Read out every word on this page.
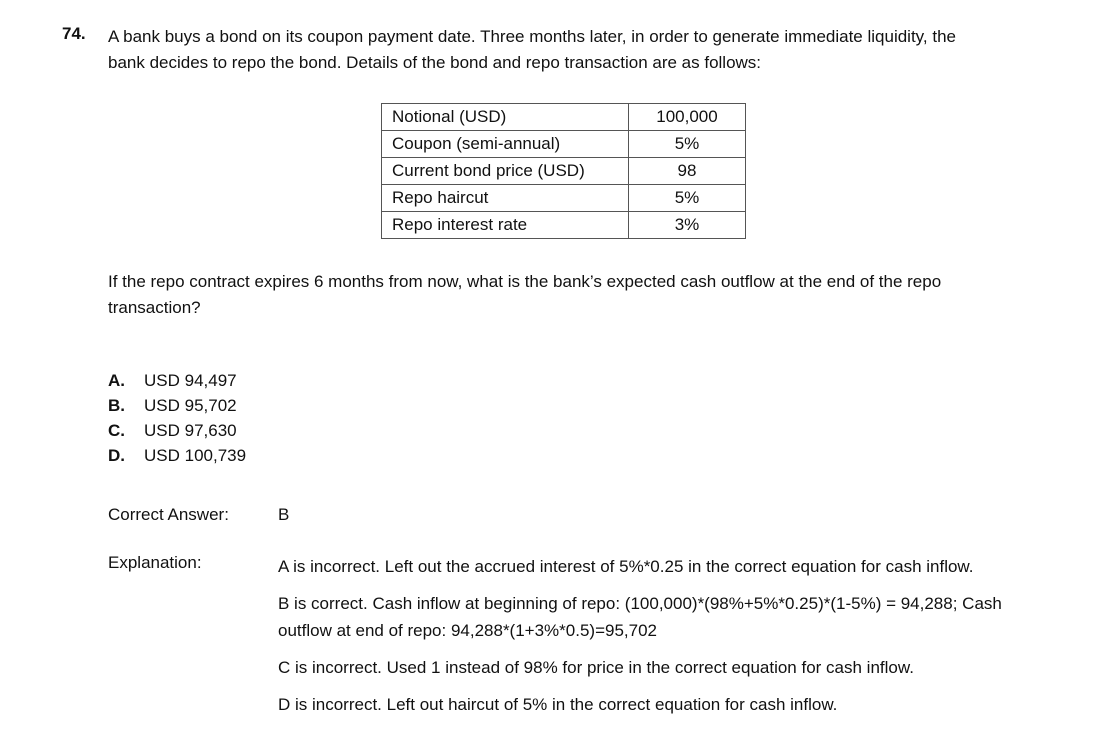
74. A bank buys a bond on its coupon payment date. Three months later, in order to generate immediate liquidity, the bank decides to repo the bond. Details of the bond and repo transaction are as follows:
Notional (USD)	100,000
Coupon (semi-annual)	5%
Current bond price (USD)	98
Repo haircut	5%
Repo interest rate	3%
If the repo contract expires 6 months from now, what is the bank’s expected cash outflow at the end of the repo transaction?
A.	USD 94,497
B.	USD 95,702
C.	USD 97,630
D.	USD 100,739
Correct Answer:	B
Explanation:	A is incorrect. Left out the accrued interest of 5%*0.25 in the correct equation for cash inflow.

B is correct. Cash inflow at beginning of repo: (100,000)*(98%+5%*0.25)*(1-5%) = 94,288; Cash outflow at end of repo: 94,288*(1+3%*0.5)=95,702

C is incorrect. Used 1 instead of 98% for price in the correct equation for cash inflow.

D is incorrect. Left out haircut of 5% in the correct equation for cash inflow.
